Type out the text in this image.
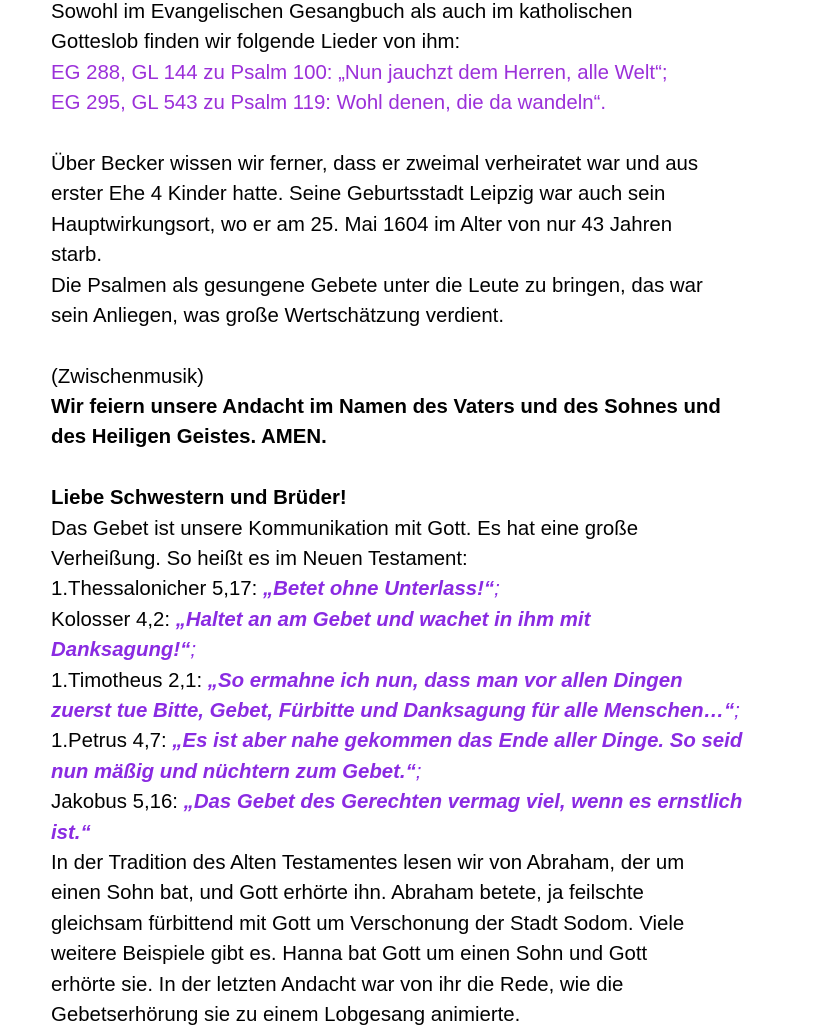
Sowohl im Evangelischen Gesangbuch als auch im katholischen
Gotteslob finden wir folgende Lieder von ihm:
EG 288, GL 144 zu Psalm 100: „Nun jauchzt dem Herren, alle Welt“;
EG 295, GL 543 zu Psalm 119: Wohl denen, die da wandeln“.
Über Becker wissen wir ferner, dass er zweimal verheiratet war und aus
erster Ehe 4 Kinder hatte. Seine Geburtsstadt Leipzig war auch sein
Hauptwirkungsort, wo er am 25. Mai 1604 im Alter von nur 43 Jahren
starb.
Die Psalmen als gesungene Gebete unter die Leute zu bringen, das war
sein Anliegen, was große Wertschätzung verdient.
(Zwischenmusik)
Wir feiern unsere Andacht im Namen des Vaters und des Sohnes und
des Heiligen Geistes. AMEN.
Liebe Schwestern und Brüder!
Das Gebet ist unsere Kommunikation mit Gott. Es hat eine große
Verheißung. So heißt es im Neuen Testament:
1.Thessalonicher 5,17: „Betet ohne Unterlass!“;
Kolosser 4,2: „Haltet an am Gebet und wachet in ihm mit
Danksagung!“;
1.Timotheus 2,1: „So ermahne ich nun, dass man vor allen Dingen
zuerst tue Bitte, Gebet, Fürbitte und Danksagung für alle Menschen…“;
1.Petrus 4,7: „Es ist aber nahe gekommen das Ende aller Dinge. So seid
nun mäßig und nüchtern zum Gebet.“;
Jakobus 5,16: „Das Gebet des Gerechten vermag viel, wenn es ernstlich
ist.“
In der Tradition des Alten Testamentes lesen wir von Abraham, der um
einen Sohn bat, und Gott erhörte ihn. Abraham betete, ja feilschte
gleichsam fürbittend mit Gott um Verschonung der Stadt Sodom. Viele
weitere Beispiele gibt es. Hanna bat Gott um einen Sohn und Gott
erhörte sie. In der letzten Andacht war von ihr die Rede, wie die
Gebetserhörung sie zu einem Lobgesang animierte.
